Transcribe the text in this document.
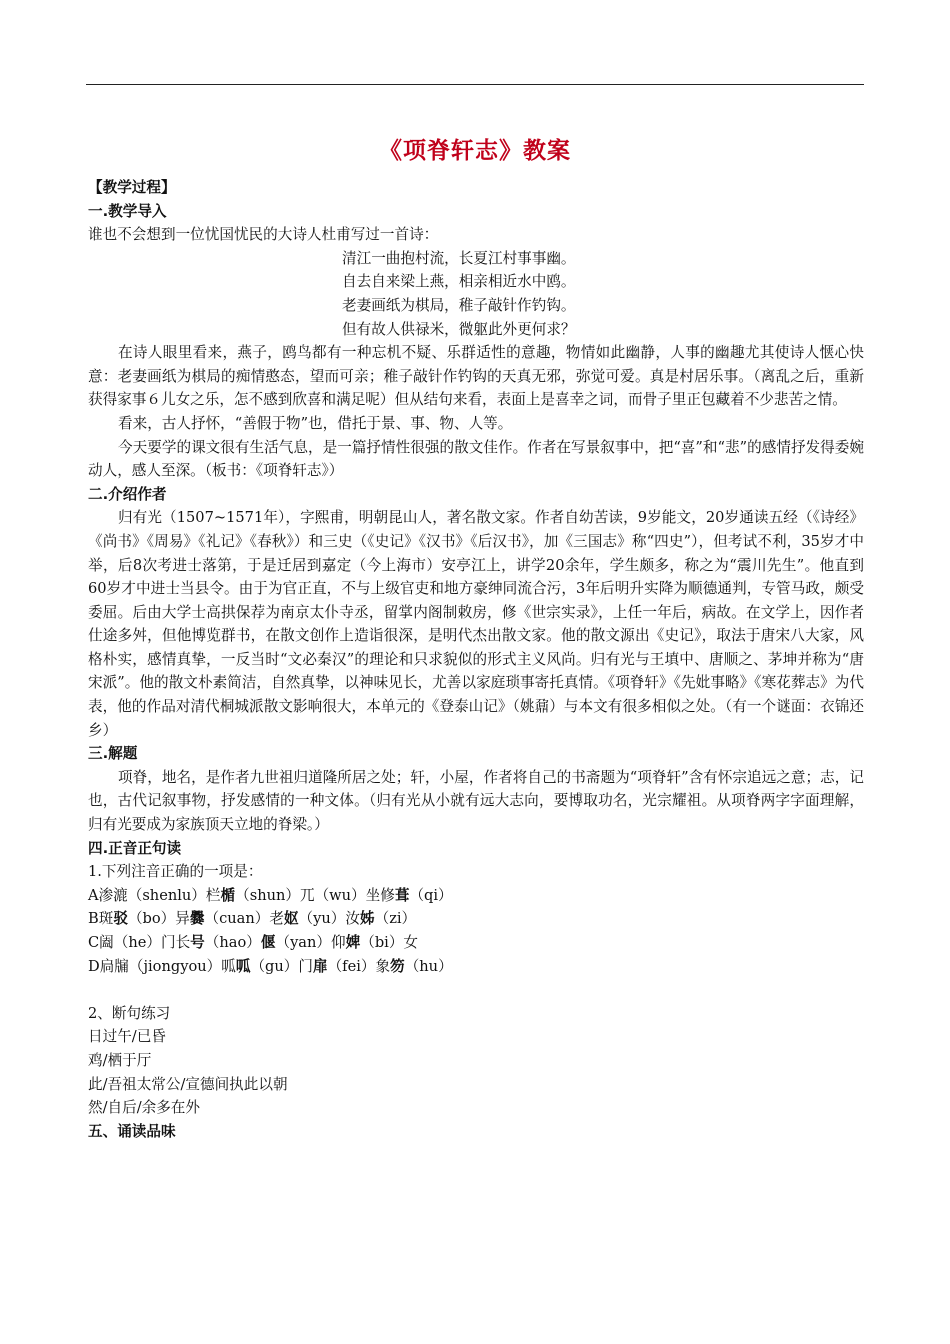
《项脊轩志》教案

【教学过程】

一.教学导入

谁也不会想到一位忧国忧民的大诗人杜甫写过一首诗：

清江一曲抱村流，长夏江村事事幽。

自去自来梁上燕，相亲相近水中鸥。

老妻画纸为棋局，稚子敲针作钓钩。

但有故人供禄米，微躯此外更何求？

在诗人眼里看来，燕子，鸥鸟都有一种忘机不疑、乐群适性的意趣，物情如此幽静，人事的幽趣尤其使诗人惬心快意：老妻画纸为棋局的痴情憨态，望而可亲；稚子敲针作钓钩的天真无邪，弥觉可爱。真是村居乐事。（离乱之后，重新获得家事６儿女之乐，怎不感到欣喜和满足呢）但从结句来看，表面上是喜幸之词，而骨子里正包藏着不少悲苦之情。

看来，古人抒怀，“善假于物”也，借托于景、事、物、人等。

今天要学的课文很有生活气息，是一篇抒情性很强的散文佳作。作者在写景叙事中，把“喜”和“悲”的感情抒发得委婉动人，感人至深。（板书：《项脊轩志》）

二.介绍作者

归有光（1507~1571年），字熙甫，明朝昆山人，著名散文家。作者自幼苦读，9岁能文，20岁通读五经（《诗经》《尚书》《周易》《礼记》《春秋》）和三史（《史记》《汉书》《后汉书》，加《三国志》称“四史”），但考试不利，35岁才中举，后8次考进士落第，于是迁居到嘉定（今上海市）安亭江上，讲学20余年，学生颇多，称之为“震川先生”。他直到60岁才中进士当县令。由于为官正直，不与上级官吏和地方豪绅同流合污，3年后明升实降为顺德通判，专管马政，颇受委屈。后由大学士高拱保荐为南京太仆寺丞，留掌内阁制敕房，修《世宗实录》，上任一年后，病故。在文学上，因作者仕途多舛，但他博览群书，在散文创作上造诣很深，是明代杰出散文家。他的散文源出《史记》，取法于唐宋八大家，风格朴实，感情真挚，一反当时“文必秦汉”的理论和只求貌似的形式主义风尚。归有光与王填中、唐顺之、茅坤并称为“唐宋派”。他的散文朴素简洁，自然真挚，以神味见长，尤善以家庭琐事寄托真情。《项脊轩》《先妣事略》《寒花葬志》为代表，他的作品对清代桐城派散文影响很大，本单元的《登泰山记》（姚鼐）与本文有很多相似之处。（有一个谜面：衣锦还乡）

三.解题

项脊，地名，是作者九世祖归道隆所居之处；轩，小屋，作者将自己的书斋题为“项脊轩”含有怀宗追远之意；志，记也，古代记叙事物，抒发感情的一种文体。（归有光从小就有远大志向，要博取功名，光宗耀祖。从项脊两字字面理解，归有光要成为家族顶天立地的脊梁。）

四.正音正句读

1.下列注音正确的一项是：

A渗漉（shenlu）栏楯（shun）兀（wu）坐修葺（qi）

B斑驳（bo）异爨（cuan）老妪（yu）汝姊（zi）

C阖（he）门长号（hao）偃（yan）仰婢（bi）女

D扃牖（jiongyou）呱呱（gu）门扉（fei）象笏（hu）

2、断句练习

日过午/已昏

鸡/栖于厅

此/吾祖太常公/宣德间执此以朝

然/自后/余多在外

五、诵读品味
